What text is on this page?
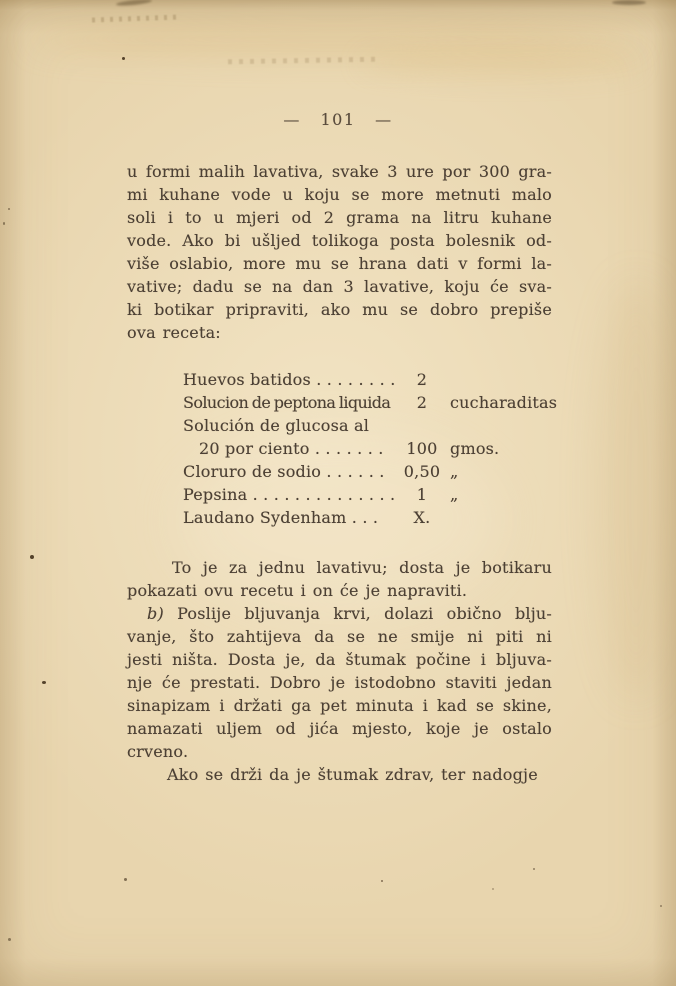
— 101 —
u formi malih lavativa, svake 3 ure por 300 gra-
mi kuhane vode u koju se more metnuti malo
soli i to u mjeri od 2 grama na litru kuhane
vode. Ako bi ušljed tolikoga posta bolesnik od-
više oslabio, more mu se hrana dati v formi la-
vative; dadu se na dan 3 lavative, koju će sva-
ki botikar pripraviti, ako mu se dobro prepiše
ova receta:
Huevos batidos . . . . . . . .	2
Solucion de peptona liquida	2	cucharaditas
Solución de glucosa al
20 por ciento . . . . . . .	100 gmos.
Cloruro de sodio . . . . . .	0,50 „
Pepsina . . . . . . . . . . . . . .	1	„
Laudano Sydenham . . .	X.
To je za jednu lavativu; dosta je botikaru
pokazati ovu recetu i on će je napraviti.
b) Poslije bljuvanja krvi, dolazi obično blju-
vanje, što zahtijeva da se ne smije ni piti ni
jesti ništa. Dosta je, da štumak počine i bljuva-
nje će prestati. Dobro je istodobno staviti jedan
sinapizam i držati ga pet minuta i kad se skine,
namazati uljem od jića mjesto, koje je ostalo
crveno.
Ako se drži da je štumak zdrav, ter nadogje
